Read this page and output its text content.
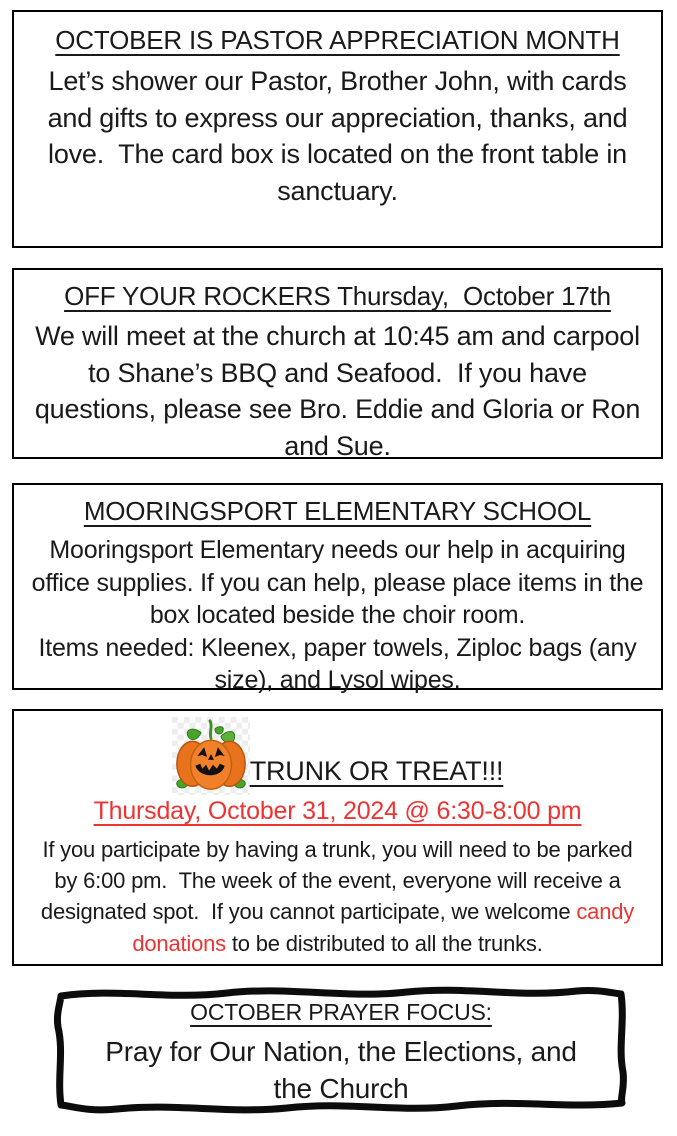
OCTOBER IS PASTOR APPRECIATION MONTH
Let’s shower our Pastor, Brother John, with cards and gifts to express our appreciation, thanks, and love.  The card box is located on the front table in sanctuary.
OFF YOUR ROCKERS Thursday,  October 17th
We will meet at the church at 10:45 am and carpool to Shane’s BBQ and Seafood.  If you have questions, please see Bro. Eddie and Gloria or Ron and Sue.
MOORINGSPORT ELEMENTARY SCHOOL
Mooringsport Elementary needs our help in acquiring office supplies. If you can help, please place items in the box located beside the choir room.
Items needed: Kleenex, paper towels, Ziploc bags (any size), and Lysol wipes.
TRUNK OR TREAT!!!
Thursday, October 31, 2024 @ 6:30-8:00 pm
If you participate by having a trunk, you will need to be parked by 6:00 pm.  The week of the event, everyone will receive a designated spot.  If you cannot participate, we welcome candy donations to be distributed to all the trunks.
OCTOBER PRAYER FOCUS:
Pray for Our Nation, the Elections, and the Church
